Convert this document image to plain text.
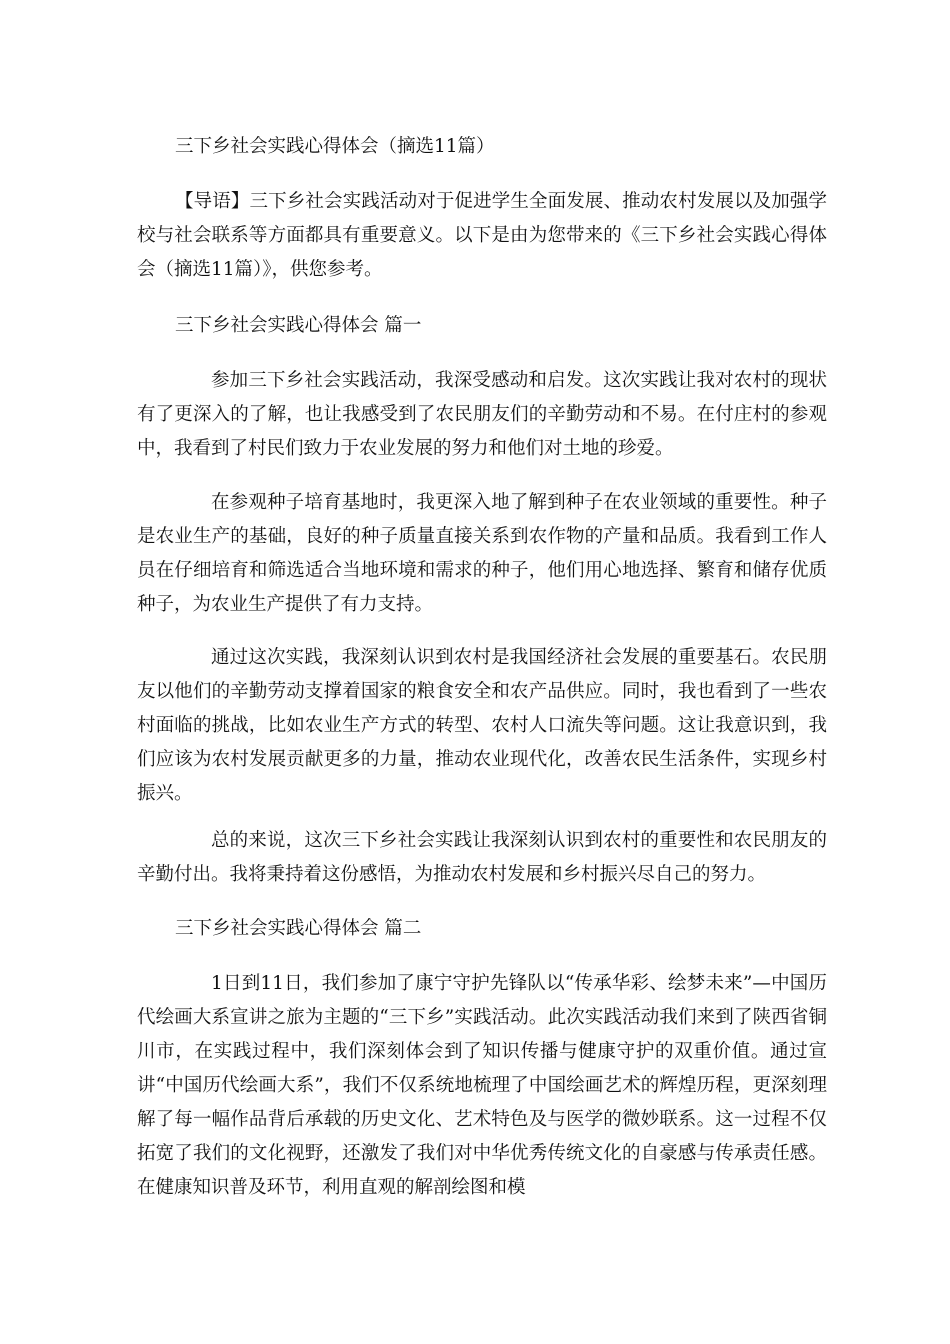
三下乡社会实践心得体会（摘选11篇）

【导语】三下乡社会实践活动对于促进学生全面发展、推动农村发展以及加强学校与社会联系等方面都具有重要意义。以下是由为您带来的《三下乡社会实践心得体会（摘选11篇）》，供您参考。

三下乡社会实践心得体会 篇一

参加三下乡社会实践活动，我深受感动和启发。这次实践让我对农村的现状有了更深入的了解，也让我感受到了农民朋友们的辛勤劳动和不易。在付庄村的参观中，我看到了村民们致力于农业发展的努力和他们对土地的珍爱。

在参观种子培育基地时，我更深入地了解到种子在农业领域的重要性。种子是农业生产的基础，良好的种子质量直接关系到农作物的产量和品质。我看到工作人员在仔细培育和筛选适合当地环境和需求的种子，他们用心地选择、繁育和储存优质种子，为农业生产提供了有力支持。

通过这次实践，我深刻认识到农村是我国经济社会发展的重要基石。农民朋友以他们的辛勤劳动支撑着国家的粮食安全和农产品供应。同时，我也看到了一些农村面临的挑战，比如农业生产方式的转型、农村人口流失等问题。这让我意识到，我们应该为农村发展贡献更多的力量，推动农业现代化，改善农民生活条件，实现乡村振兴。

总的来说，这次三下乡社会实践让我深刻认识到农村的重要性和农民朋友的辛勤付出。我将秉持着这份感悟，为推动农村发展和乡村振兴尽自己的努力。

三下乡社会实践心得体会 篇二

1日到11日，我们参加了康宁守护先锋队以“传承华彩、绘梦未来”—中国历代绘画大系宣讲之旅为主题的“三下乡”实践活动。此次实践活动我们来到了陕西省铜川市，在实践过程中，我们深刻体会到了知识传播与健康守护的双重价值。通过宣讲“中国历代绘画大系”，我们不仅系统地梳理了中国绘画艺术的辉煌历程，更深刻理解了每一幅作品背后承载的历史文化、艺术特色及与医学的微妙联系。这一过程不仅拓宽了我们的文化视野，还激发了我们对中华优秀传统文化的自豪感与传承责任感。在健康知识普及环节，利用直观的解剖绘图和模
